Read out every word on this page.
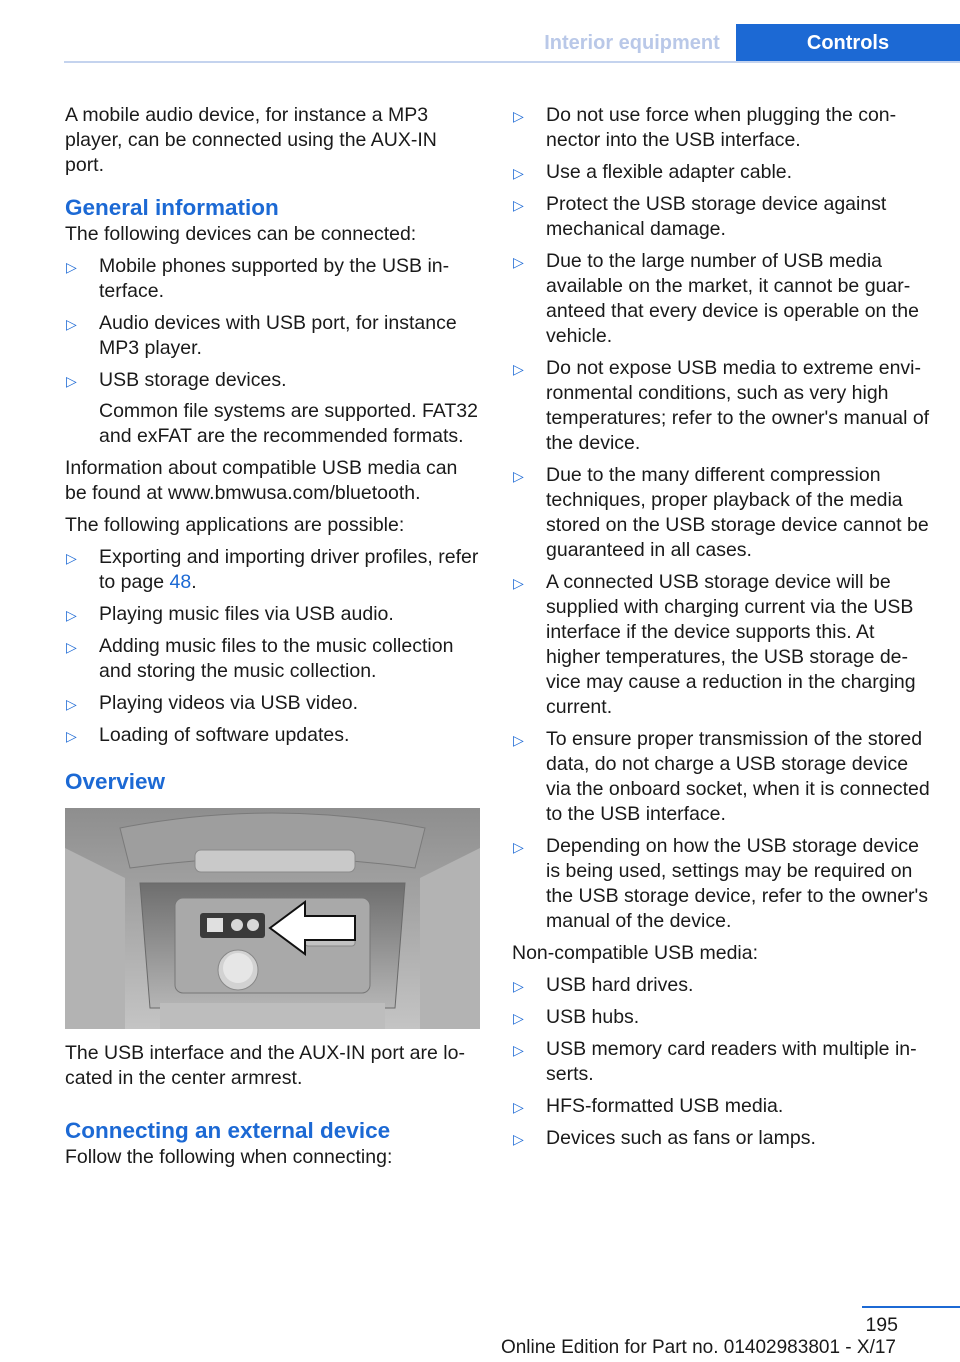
Interior equipment	Controls

A mobile audio device, for instance a MP3 player, can be connected using the AUX-IN port.

General information

The following devices can be connected:

▷ Mobile phones supported by the USB interface.
▷ Audio devices with USB port, for instance MP3 player.
▷ USB storage devices.
Common file systems are supported. FAT32 and exFAT are the recommended formats.

Information about compatible USB media can be found at www.bmwusa.com/bluetooth.

The following applications are possible:

▷ Exporting and importing driver profiles, refer to page 48.
▷ Playing music files via USB audio.
▷ Adding music files to the music collection and storing the music collection.
▷ Playing videos via USB video.
▷ Loading of software updates.
Overview

The USB interface and the AUX-IN port are located in the center armrest.

Connecting an external device

Follow the following when connecting:

▷ Do not use force when plugging the connector into the USB interface.
▷ Use a flexible adapter cable.
▷ Protect the USB storage device against mechanical damage.
▷ Due to the large number of USB media available on the market, it cannot be guaranteed that every device is operable on the vehicle.
▷ Do not expose USB media to extreme environmental conditions, such as very high temperatures; refer to the owner's manual of the device.
▷ Due to the many different compression techniques, proper playback of the media stored on the USB storage device cannot be guaranteed in all cases.
▷ A connected USB storage device will be supplied with charging current via the USB interface if the device supports this. At higher temperatures, the USB storage device may cause a reduction in the charging current.
▷ To ensure proper transmission of the stored data, do not charge a USB storage device via the onboard socket, when it is connected to the USB interface.
▷ Depending on how the USB storage device is being used, settings may be required on the USB storage device, refer to the owner's manual of the device.

Non-compatible USB media:

▷ USB hard drives.
▷ USB hubs.
▷ USB memory card readers with multiple inserts.
▷ HFS-formatted USB media.
▷ Devices such as fans or lamps.
195
Online Edition for Part no. 01402983801 - X/17
